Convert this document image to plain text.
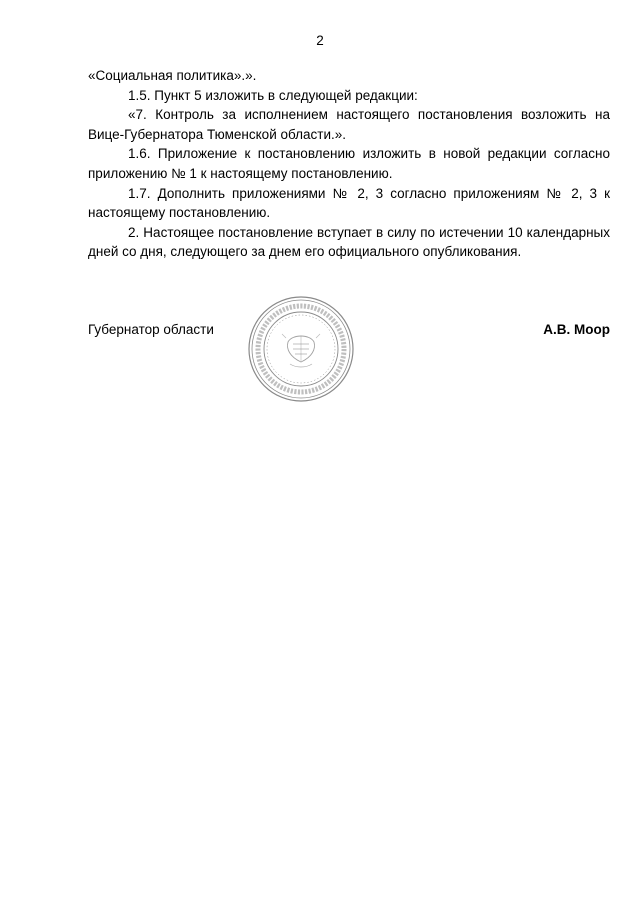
2

«Социальная политика».».

1.5. Пункт 5 изложить в следующей редакции:

«7. Контроль за исполнением настоящего постановления возложить на Вице-Губернатора Тюменской области.».

1.6. Приложение к постановлению изложить в новой редакции согласно приложению № 1 к настоящему постановлению.

1.7. Дополнить приложениями № 2, 3 согласно приложениям № 2, 3 к настоящему постановлению.

2. Настоящее постановление вступает в силу по истечении 10 календарных дней со дня, следующего за днем его официального опубликования.

Губернатор области	А.В. Моор
